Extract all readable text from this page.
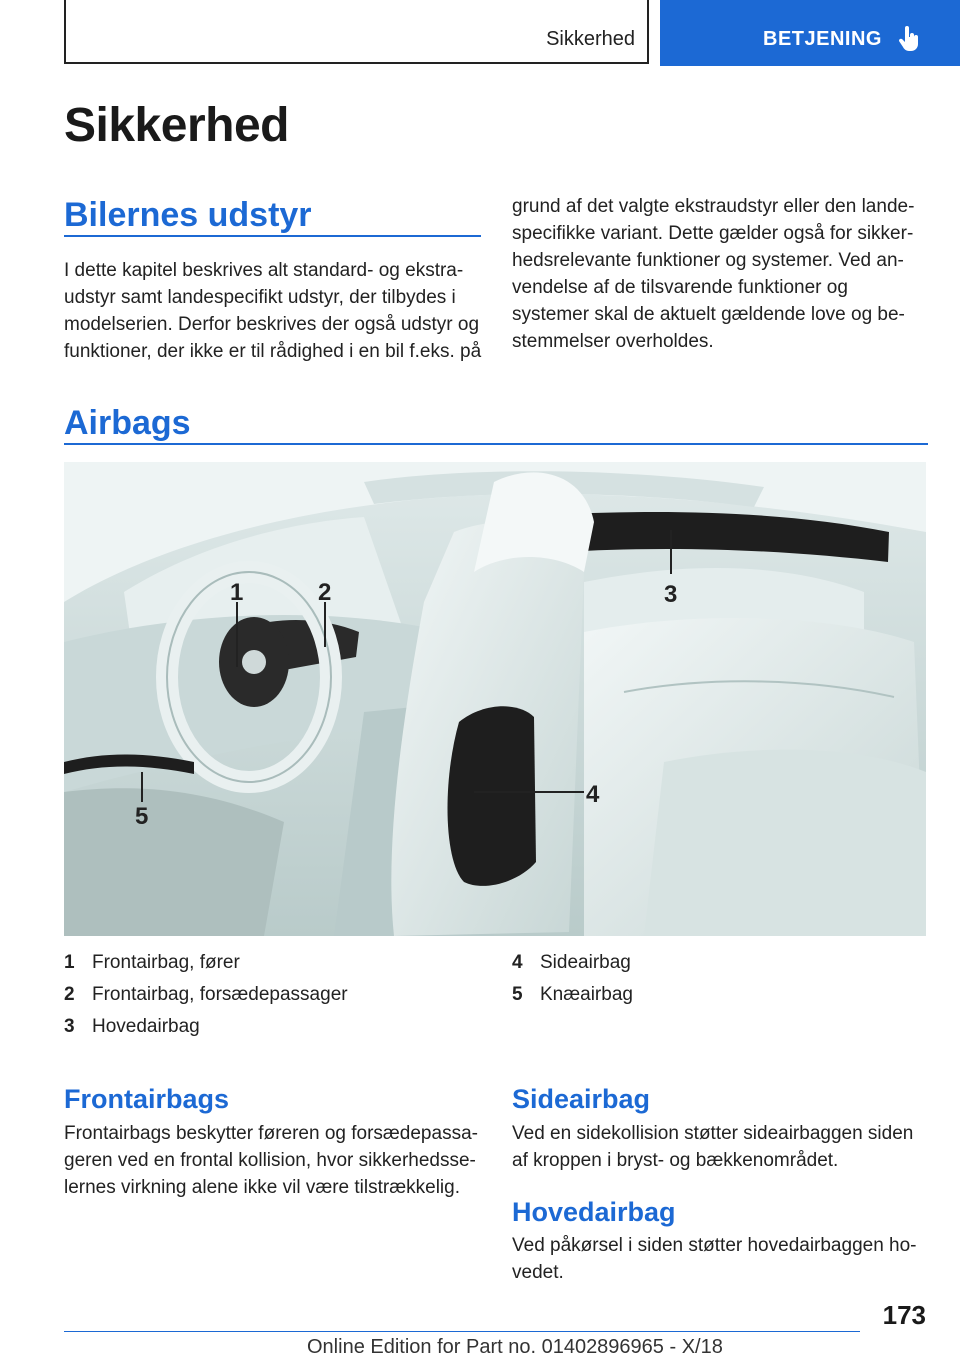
Sikkerhed	BETJENING
Sikkerhed

Bilernes udstyr

I dette kapitel beskrives alt standard- og ekstra-
udstyr samt landespecifikt udstyr, der tilbydes i
modelserien. Derfor beskrives der også udstyr og
funktioner, der ikke er til rådighed i en bil f.eks. på

grund af det valgte ekstraudstyr eller den lande-
specifikke variant. Dette gælder også for sikker-
hedsrelevante funktioner og systemer. Ved an-
vendelse af de tilsvarende funktioner og
systemer skal de aktuelt gældende love og be-
stemmelser overholdes.

Airbags

1	2	3
4
5
1 Frontairbag, fører
2 Frontairbag, forsædepassager
3 Hovedairbag
4 Sideairbag
5 Knæairbag

Frontairbags

Frontairbags beskytter føreren og forsædepassa-
geren ved en frontal kollision, hvor sikkerhedsse-
lernes virkning alene ikke vil være tilstrækkelig.

Sideairbag

Ved en sidekollision støtter sideairbaggen siden
af kroppen i bryst- og bækkenområdet.

Hovedairbag

Ved påkørsel i siden støtter hovedairbaggen ho-
vedet.

173
Online Edition for Part no. 01402896965 - X/18
